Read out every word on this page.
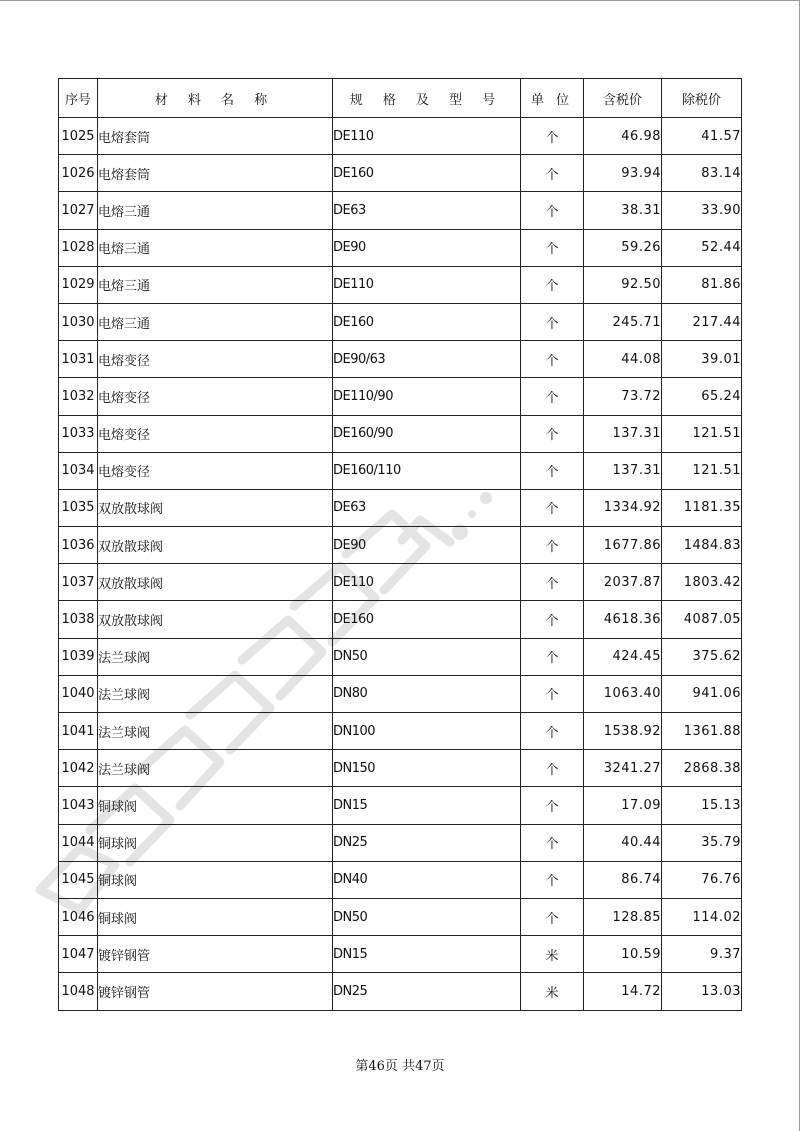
序号	材 料 名 称	规 格 及 型 号	单 位	含税价	除税价
1025	电熔套筒	DE110	个	46.98	41.57
1026	电熔套筒	DE160	个	93.94	83.14
1027	电熔三通	DE63	个	38.31	33.90
1028	电熔三通	DE90	个	59.26	52.44
1029	电熔三通	DE110	个	92.50	81.86
1030	电熔三通	DE160	个	245.71	217.44
1031	电熔变径	DE90/63	个	44.08	39.01
1032	电熔变径	DE110/90	个	73.72	65.24
1033	电熔变径	DE160/90	个	137.31	121.51
1034	电熔变径	DE160/110	个	137.31	121.51
1035	双放散球阀	DE63	个	1334.92	1181.35
1036	双放散球阀	DE90	个	1677.86	1484.83
1037	双放散球阀	DE110	个	2037.87	1803.42
1038	双放散球阀	DE160	个	4618.36	4087.05
1039	法兰球阀	DN50	个	424.45	375.62
1040	法兰球阀	DN80	个	1063.40	941.06
1041	法兰球阀	DN100	个	1538.92	1361.88
1042	法兰球阀	DN150	个	3241.27	2868.38
1043	铜球阀	DN15	个	17.09	15.13
1044	铜球阀	DN25	个	40.44	35.79
1045	铜球阀	DN40	个	86.74	76.76
1046	铜球阀	DN50	个	128.85	114.02
1047	镀锌钢管	DN15	米	10.59	9.37
1048	镀锌钢管	DN25	米	14.72	13.03
第46页 共47页
